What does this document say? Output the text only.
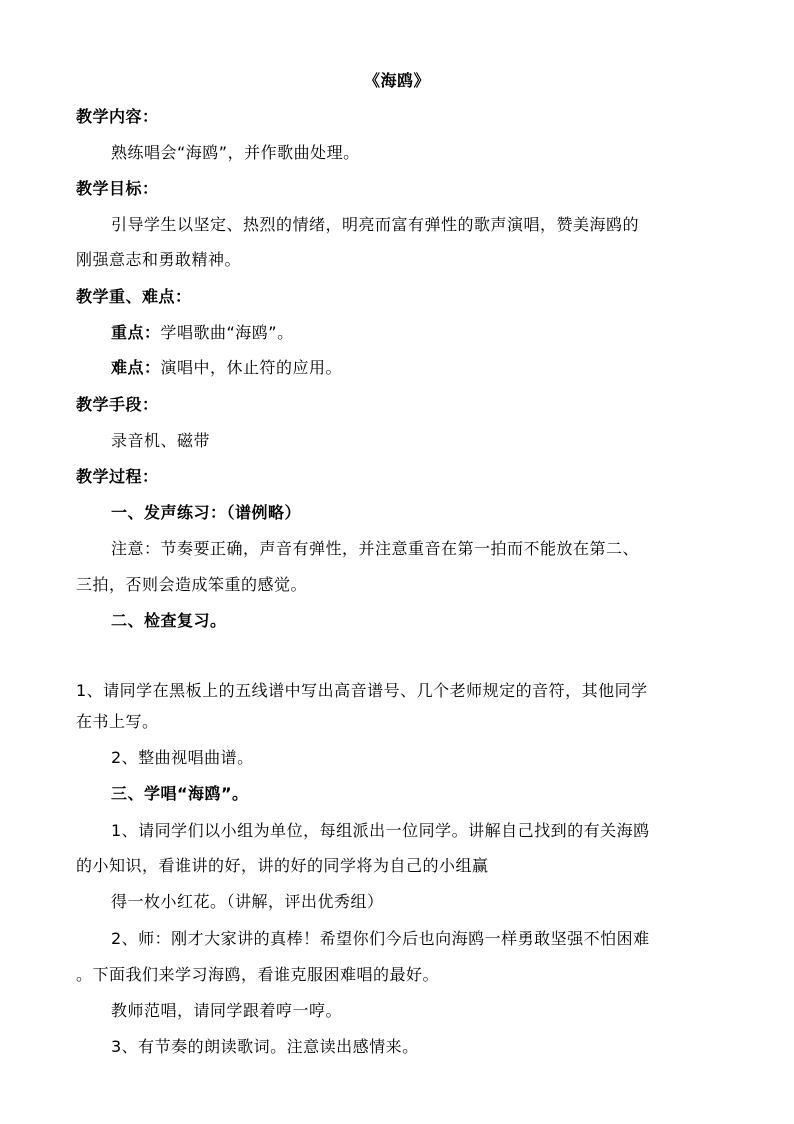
《海鸥》
教学内容：
熟练唱会“海鸥”，并作歌曲处理。
教学目标：
引导学生以坚定、热烈的情绪，明亮而富有弹性的歌声演唱，赞美海鸥的
刚强意志和勇敢精神。
教学重、难点：
重点：学唱歌曲“海鸥”。
难点：演唱中，休止符的应用。
教学手段：
录音机、磁带
教学过程：
一、发声练习：（谱例略）
注意：节奏要正确，声音有弹性，并注意重音在第一拍而不能放在第二、
三拍，否则会造成笨重的感觉。
二、检查复习。
1、请同学在黑板上的五线谱中写出高音谱号、几个老师规定的音符，其他同学
在书上写。
2、整曲视唱曲谱。
三、学唱“海鸥”。
1、请同学们以小组为单位，每组派出一位同学。讲解自己找到的有关海鸥
的小知识，看谁讲的好，讲的好的同学将为自己的小组赢
得一枚小红花。（讲解，评出优秀组）
2、师：刚才大家讲的真棒！希望你们今后也向海鸥一样勇敢坚强不怕困难
。下面我们来学习海鸥，看谁克服困难唱的最好。
教师范唱，请同学跟着哼一哼。
3、有节奏的朗读歌词。注意读出感情来。
